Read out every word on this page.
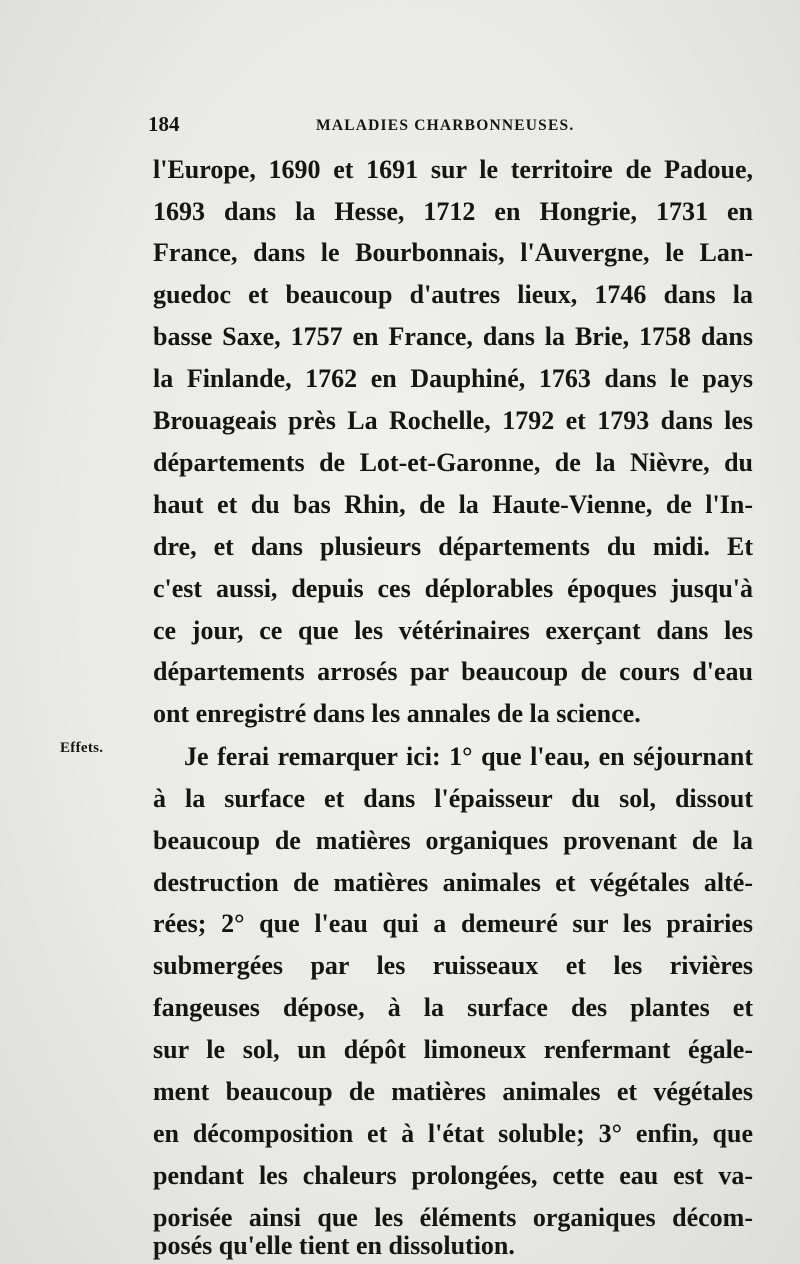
184	MALADIES CHARBONNEUSES.
Effets.
l'Europe, 1690 et 1691 sur le territoire de Padoue,
1693 dans la Hesse, 1712 en Hongrie, 1731 en
France, dans le Bourbonnais, l'Auvergne, le Lan-
guedoc et beaucoup d'autres lieux, 1746 dans la
basse Saxe, 1757 en France, dans la Brie, 1758 dans
la Finlande, 1762 en Dauphiné, 1763 dans le pays
Brouageais près La Rochelle, 1792 et 1793 dans les
départements de Lot-et-Garonne, de la Nièvre, du
haut et du bas Rhin, de la Haute-Vienne, de l'In-
dre, et dans plusieurs départements du midi. Et
c'est aussi, depuis ces déplorables époques jusqu'à
ce jour, ce que les vétérinaires exerçant dans les
départements arrosés par beaucoup de cours d'eau
ont enregistré dans les annales de la science.
Je ferai remarquer ici: 1° que l'eau, en séjournant
à la surface et dans l'épaisseur du sol, dissout
beaucoup de matières organiques provenant de la
destruction de matières animales et végétales alté-
rées; 2° que l'eau qui a demeuré sur les prairies
submergées par les ruisseaux et les rivières
fangeuses dépose, à la surface des plantes et
sur le sol, un dépôt limoneux renfermant égale-
ment beaucoup de matières animales et végétales
en décomposition et à l'état soluble; 3° enfin, que
pendant les chaleurs prolongées, cette eau est va-
porisée ainsi que les éléments organiques décom-
posés qu'elle tient en dissolution.
